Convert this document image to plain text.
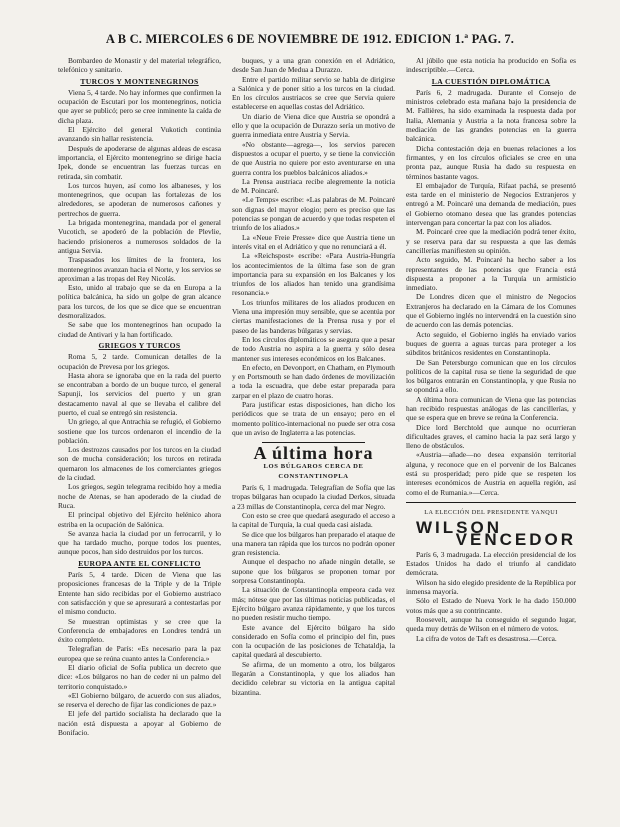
A B C. MIERCOLES 6 DE NOVIEMBRE DE 1912. EDICION 1.ª PAG. 7.

Bombardeo de Monastir y del material telegráfico, telefónico y sanitario.

TURCOS Y MONTENEGRINOS

Viena 5, 4 tarde. No hay informes que confirmen la ocupación de Escutari por los montenegrinos, noticia que ayer se publicó; pero se cree inminente la caída de dicha plaza.

El Ejército del general Vukotich continúa avanzando sin hallar resistencia.

Después de apoderarse de algunas aldeas de escasa importancia, el Ejército montenegrino se dirige hacia Ipek, donde se encuentran las fuerzas turcas en retirada, sin combatir.

Los turcos huyen, así como los albaneses, y los montenegrinos, que ocupan las fortalezas de los alrededores, se apoderan de numerosos cañones y pertrechos de guerra.

La brigada montenegrina, mandada por el general Vucotich, se apoderó de la población de Plevlie, haciendo prisioneros a numerosos soldados de la antigua Servia.

Traspasados los límites de la frontera, los montenegrinos avanzan hacia el Norte, y los servios se aproximan a las tropas del Rey Nicolás.

Esto, unido al trabajo que se da en Europa a la política balcánica, ha sido un golpe de gran alcance para los turcos, de los que se dice que se encuentran desmoralizados.

Se sabe que los montenegrinos han ocupado la ciudad de Antivari y la han fortificado.

GRIEGOS Y TURCOS

Roma 5, 2 tarde. Comunican detalles de la ocupación de Prevesa por los griegos.

Hasta ahora se ignoraba que en la rada del puerto se encontraban a bordo de un buque turco, el general Sapunji, los servicios del puerto y un gran destacamento naval al que se llevaba el calibre del puerto, el cual se entregó sin resistencia.

Un griego, al que Antrachia se refugió, el Gobierno sostiene que los turcos ordenaron el incendio de la población.

Los destrozos causados por los turcos en la ciudad son de mucha consideración; los turcos en retirada quemaron los almacenes de los comerciantes griegos de la ciudad.

Los griegos, según telegrama recibido hoy a media noche de Atenas, se han apoderado de la ciudad de Ruca.

El principal objetivo del Ejército helénico ahora estriba en la ocupación de Salónica.

Se avanza hacia la ciudad por un ferrocarril, y lo que ha tardado mucho, porque todos los puentes, aunque pocos, han sido destruidos por los turcos.

EUROPA ANTE EL CONFLICTO

París 5, 4 tarde. Dicen de Viena que las proposiciones francesas de la Triple y de la Triple Entente han sido recibidas por el Gobierno austriaco con satisfacción y que se apresurará a contestarlas por el mismo conducto.

Se muestran optimistas y se cree que la Conferencia de embajadores en Londres tendrá un éxito completo.

Telegrafían de París: «Es necesario para la paz europea que se reúna cuanto antes la Conferencia.»

El diario oficial de Sofía publica un decreto que dice: «Los búlgaros no han de ceder ni un palmo del territorio conquistado.»

«El Gobierno búlgaro, de acuerdo con sus aliados, se reserva el derecho de fijar las condiciones de paz.»

El jefe del partido socialista ha declarado que la nación está dispuesta a apoyar al Gobierno de Bonifacio.

buques, y a una gran conexión en el Adriático, desde San Juan de Medua a Durazzo.

Entre el partido militar servio se habla de dirigirse a Salónica y de poner sitio a los turcos en la ciudad. En los círculos austriacos se cree que Servia quiere establecerse en aquellas costas del Adriático.

Un diario de Viena dice que Austria se opondrá a ello y que la ocupación de Durazzo sería un motivo de guerra inmediata entre Austria y Servia.

«No obstante—agrega—, los servios parecen dispuestos a ocupar el puerto, y se tiene la convicción de que Austria no quiere por esto aventurarse en una guerra contra los pueblos balcánicos aliados.»

La Prensa austriaca recibe alegremente la noticia de M. Poincaré.

«Le Temps» escribe: «Las palabras de M. Poincaré son dignas del mayor elogio; pero es preciso que las potencias se pongan de acuerdo y que todas respeten el triunfo de los aliados.»

La «Neue Freie Presse» dice que Austria tiene un interés vital en el Adriático y que no renunciará a él.

La «Reichspost» escribe: «Para Austria-Hungría los acontecimientos de la última fase son de gran importancia para su expansión en los Balcanes y los triunfos de los aliados han tenido una grandísima resonancia.»

Los triunfos militares de los aliados producen en Viena una impresión muy sensible, que se acentúa por ciertas manifestaciones de la Prensa rusa y por el paseo de las banderas búlgaras y servias.

En los círculos diplomáticos se asegura que a pesar de todo Austria no aspira a la guerra y sólo desea mantener sus intereses económicos en los Balcanes.

En efecto, en Devonport, en Chatham, en Plymouth y en Portsmouth se han dado órdenes de movilización a toda la escuadra, que debe estar preparada para zarpar en el plazo de cuatro horas.

Para justificar estas disposiciones, han dicho los periódicos que se trata de un ensayo; pero en el momento político-internacional no puede ser otra cosa que un aviso de Inglaterra a las potencias.

A última hora
LOS BÚLGAROS CERCA DE CONSTANTINOPLA

París 6, 1 madrugada. Telegrafían de Sofía que las tropas búlgaras han ocupado la ciudad Derkos, situada a 23 millas de Constantinopla, cerca del mar Negro.

Con esto se cree que quedará asegurado el acceso a la capital de Turquía, la cual queda casi aislada.

Se dice que los búlgaros han preparado el ataque de una manera tan rápida que los turcos no podrán oponer gran resistencia.

Aunque el despacho no añade ningún detalle, se supone que los búlgaros se proponen tomar por sorpresa Constantinopla.

La situación de Constantinopla empeora cada vez más; nótese que por las últimas noticias publicadas, el Ejército búlgaro avanza rápidamente, y que los turcos no pueden resistir mucho tiempo.

Este avance del Ejército búlgaro ha sido considerado en Sofía como el principio del fin, pues con la ocupación de las posiciones de Tchataldja, la capital quedará al descubierto.

Se afirma, de un momento a otro, los búlgaros llegarán a Constantinopla, y que los aliados han decidido celebrar su victoria en la antigua capital bizantina.

Al júbilo que esta noticia ha producido en Sofía es indescriptible.—Cerca.

LA CUESTIÓN DIPLOMÁTICA

París 6, 2 madrugada. Durante el Consejo de ministros celebrado esta mañana bajo la presidencia de M. Fallières, ha sido examinada la respuesta dada por Italia, Alemania y Austria a la nota francesa sobre la mediación de las grandes potencias en la guerra balcánica.

Dicha contestación deja en buenas relaciones a los firmantes, y en los círculos oficiales se cree en una pronta paz, aunque Rusia ha dado su respuesta en términos bastante vagos.

El embajador de Turquía, Rifaat pachá, se presentó esta tarde en el ministerio de Negocios Extranjeros y entregó a M. Poincaré una demanda de mediación, pues el Gobierno otomano desea que las grandes potencias intervengan para concertar la paz con los aliados.

M. Poincaré cree que la mediación podrá tener éxito, y se reserva para dar su respuesta a que las demás cancillerías manifiesten su opinión.

Acto seguido, M. Poincaré ha hecho saber a los representantes de las potencias que Francia está dispuesta a proponer a la Turquía un armisticio inmediato.

De Londres dicen que el ministro de Negocios Extranjeros ha declarado en la Cámara de los Comunes que el Gobierno inglés no intervendrá en la cuestión sino de acuerdo con las demás potencias.

Acto seguido, el Gobierno inglés ha enviado varios buques de guerra a aguas turcas para proteger a los súbditos británicos residentes en Constantinopla.

De San Petersburgo comunican que en los círculos políticos de la capital rusa se tiene la seguridad de que los búlgaros entrarán en Constantinopla, y que Rusia no se opondrá a ello.

A última hora comunican de Viena que las potencias han recibido respuestas análogas de las cancillerías, y que se espera que en breve se reúna la Conferencia.

Dice lord Berchtold que aunque no ocurrieran dificultades graves, el camino hacia la paz será largo y lleno de obstáculos.

«Austria—añade—no desea expansión territorial alguna, y reconoce que en el porvenir de los Balcanes está su prosperidad; pero pide que se respeten los intereses económicos de Austria en aquella región, así como el de Rumania.»—Cerca.

LA ELECCIÓN DEL PRESIDENTE YANQUI
WILSON
VENCEDOR

París 6, 3 madrugada. La elección presidencial de los Estados Unidos ha dado el triunfo al candidato demócrata.

Wilson ha sido elegido presidente de la República por inmensa mayoría.

Sólo el Estado de Nueva York le ha dado 150.000 votos más que a su contrincante.

Roosevelt, aunque ha conseguido el segundo lugar, queda muy detrás de Wilson en el número de votos.

La cifra de votos de Taft es desastrosa.—Cerca.
